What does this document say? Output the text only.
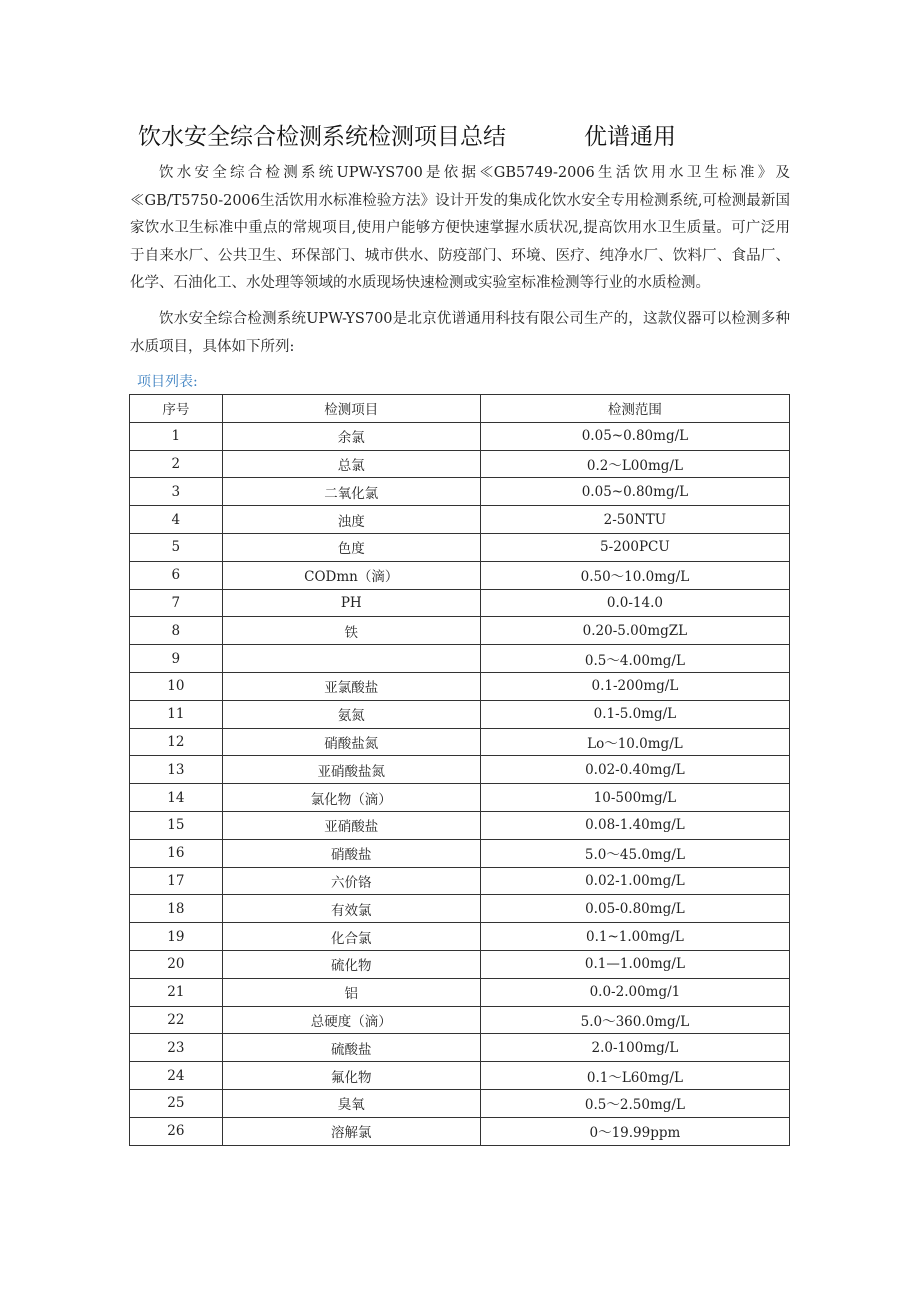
饮水安全综合检测系统检测项目总结	优谱通用
饮水安全综合检测系统UPW-YS700是依据≪GB5749-2006生活饮用水卫生标准》及≪GB/T5750-2006生活饮用水标准检验方法》设计开发的集成化饮水安全专用检测系统,可检测最新国家饮水卫生标准中重点的常规项目,使用户能够方便快速掌握水质状况,提高饮用水卫生质量。可广泛用于自来水厂、公共卫生、环保部门、城市供水、防疫部门、环境、医疗、纯净水厂、饮料厂、食品厂、化学、石油化工、水处理等领域的水质现场快速检测或实验室标准检测等行业的水质检测。
饮水安全综合检测系统UPW-YS700是北京优谱通用科技有限公司生产的，这款仪器可以检测多种水质项目，具体如下所列:
项目列表:
序号	检测项目	检测范围
1	余氯	0.05~0.80mg/L
2	总氯	0.2～L00mg/L
3	二氧化氯	0.05~0.80mg/L
4	浊度	2-50NTU
5	色度	5-200PCU
6	CODmn（滴）	0.50～10.0mg/L
7	PH	0.0-14.0
8	铁	0.20-5.00mgZL
9		0.5～4.00mg/L
10	亚氯酸盐	0.1-200mg/L
11	氨氮	0.1-5.0mg/L
12	硝酸盐氮	Lo～10.0mg/L
13	亚硝酸盐氮	0.02-0.40mg/L
14	氯化物（滴）	10-500mg/L
15	亚硝酸盐	0.08-1.40mg/L
16	硝酸盐	5.0～45.0mg/L
17	六价铬	0.02-1.00mg/L
18	有效氯	0.05-0.80mg/L
19	化合氯	0.1~1.00mg/L
20	硫化物	0.1—1.00mg/L
21	铝	0.0-2.00mg/1
22	总硬度（滴）	5.0～360.0mg/L
23	硫酸盐	2.0-100mg/L
24	氟化物	0.1～L60mg/L
25	臭氧	0.5～2.50mg/L
26	溶解氯	0～19.99ppm
